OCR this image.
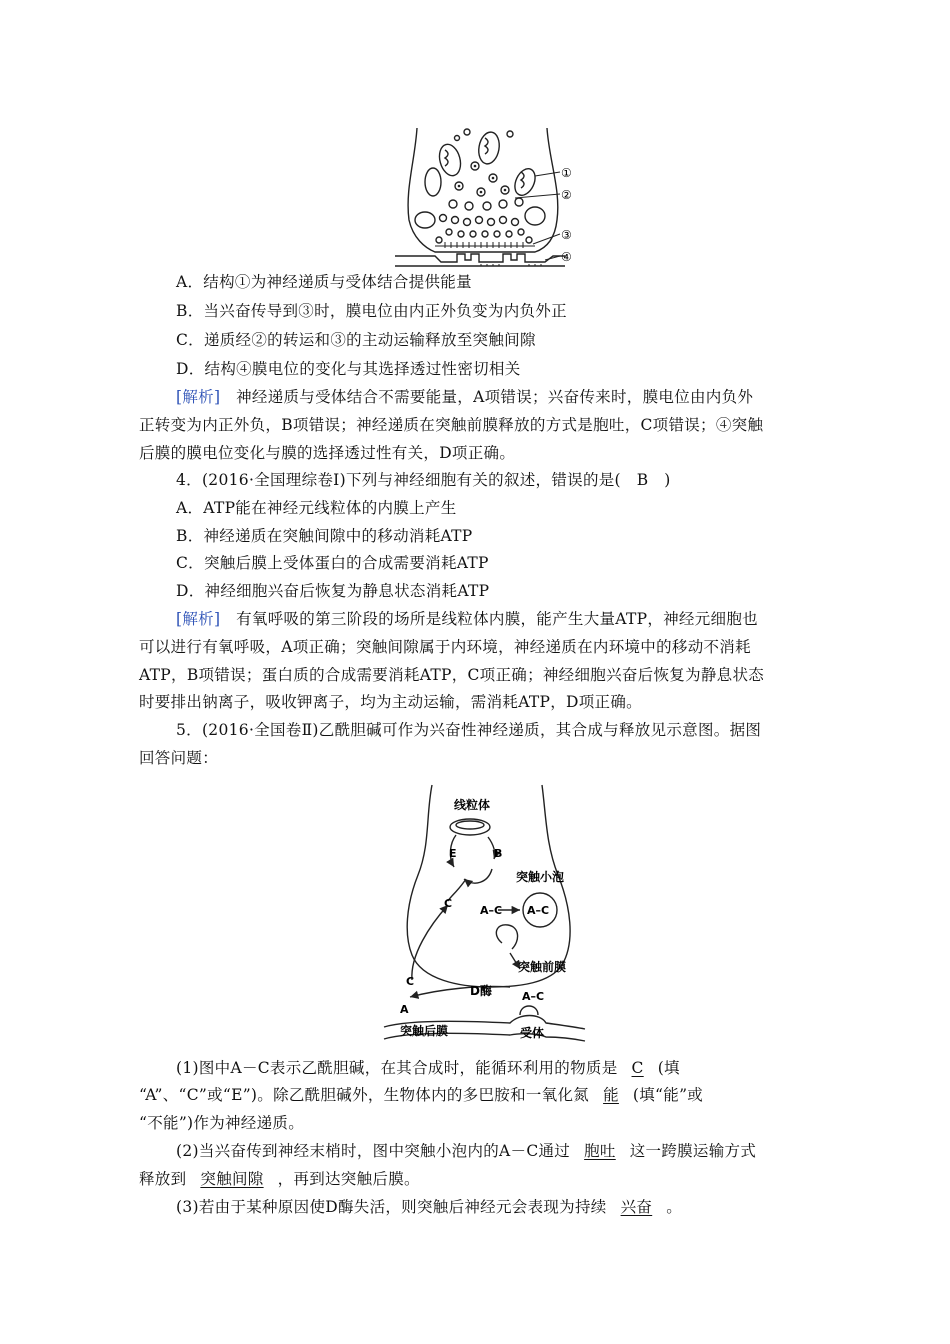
①
②
③
④
A．结构①为神经递质与受体结合提供能量
B．当兴奋传导到③时，膜电位由内正外负变为内负外正
C．递质经②的转运和③的主动运输释放至突触间隙
D．结构④膜电位的变化与其选择透过性密切相关
[解析]　 神经递质与受体结合不需要能量，A项错误；兴奋传来时，膜电位由内负外
正转变为内正外负，B项错误；神经递质在突触前膜释放的方式是胞吐，C项错误；④突触
后膜的膜电位变化与膜的选择透过性有关，D项正确。
4．(2016·全国理综卷Ⅰ)下列与神经细胞有关的叙述，错误的是(　B　)
A．ATP能在神经元线粒体的内膜上产生
B．神经递质在突触间隙中的移动消耗ATP
C．突触后膜上受体蛋白的合成需要消耗ATP
D．神经细胞兴奋后恢复为静息状态消耗ATP
[解析]　 有氧呼吸的第三阶段的场所是线粒体内膜，能产生大量ATP，神经元细胞也
可以进行有氧呼吸，A项正确；突触间隙属于内环境，神经递质在内环境中的移动不消耗
ATP，B项错误；蛋白质的合成需要消耗ATP，C项正确；神经细胞兴奋后恢复为静息状态
时要排出钠离子，吸收钾离子，均为主动运输，需消耗ATP，D项正确。
5．(2016·全国卷Ⅱ)乙酰胆碱可作为兴奋性神经递质，其合成与释放见示意图。据图
回答问题：
线粒体
E	B
突触小泡
C
A–C A–C
突触前膜
C
D酶	A–C
A
突触后膜	受体
(1)图中A－C表示乙酰胆碱，在其合成时，能循环利用的物质是 C (填
“A”、“C”或“E”)。除乙酰胆碱外，生物体内的多巴胺和一氧化氮 能 (填“能”或
“不能”)作为神经递质。
(2)当兴奋传到神经末梢时，图中突触小泡内的A－C通过 胞吐 这一跨膜运输方式
释放到 突触间隙 ，再到达突触后膜。
(3)若由于某种原因使D酶失活，则突触后神经元会表现为持续 兴奋 。
